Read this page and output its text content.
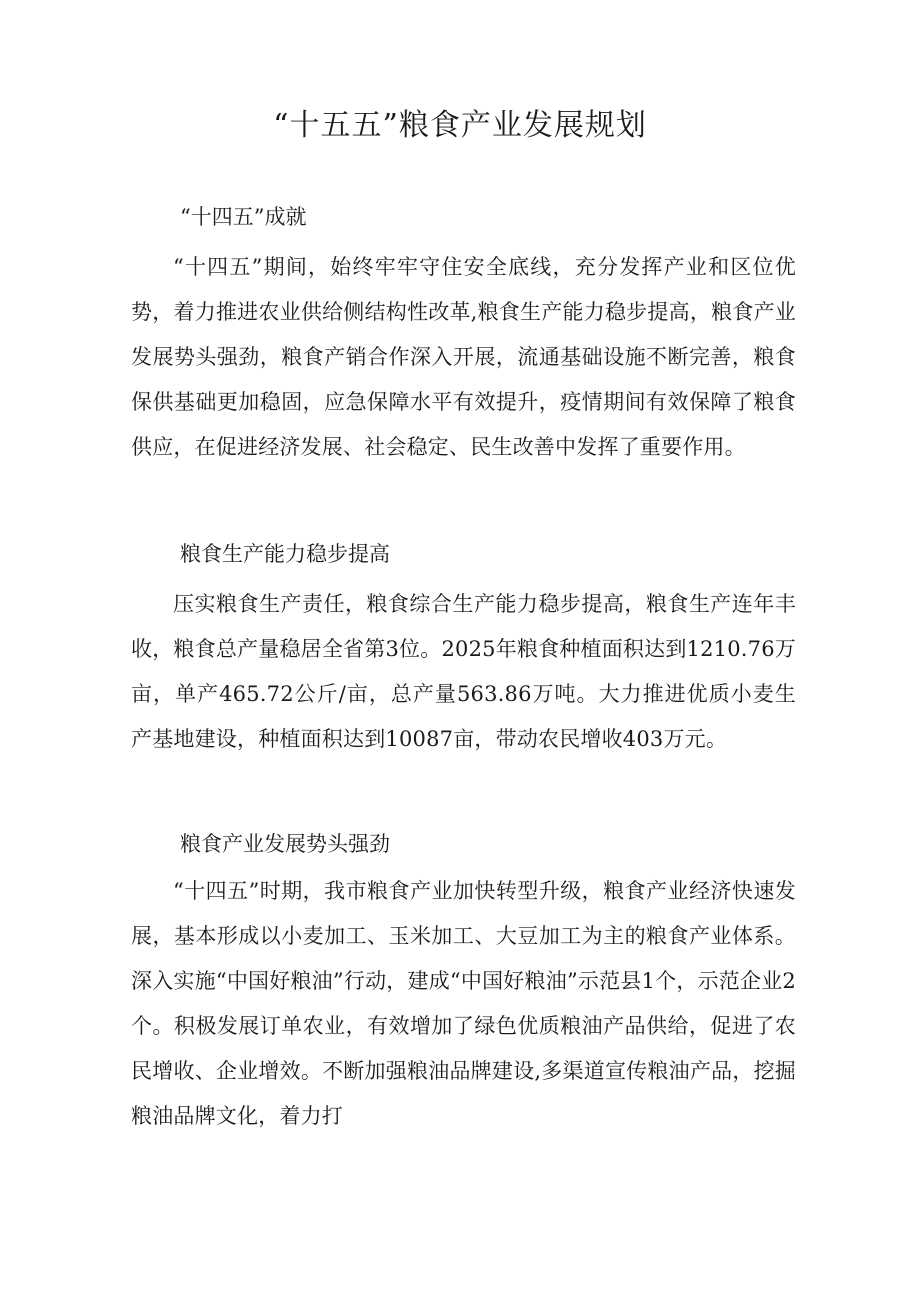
“十五五”粮食产业发展规划
“十四五”成就

“十四五”期间，始终牢牢守住安全底线，充分发挥产业和区位优势，着力推进农业供给侧结构性改革,粮食生产能力稳步提高，粮食产业发展势头强劲，粮食产销合作深入开展，流通基础设施不断完善，粮食保供基础更加稳固，应急保障水平有效提升，疫情期间有效保障了粮食供应，在促进经济发展、社会稳定、民生改善中发挥了重要作用。

粮食生产能力稳步提高

压实粮食生产责任，粮食综合生产能力稳步提高，粮食生产连年丰收，粮食总产量稳居全省第3位。2025年粮食种植面积达到1210.76万亩，单产465.72公斤/亩，总产量563.86万吨。大力推进优质小麦生产基地建设，种植面积达到10087亩，带动农民增收403万元。

粮食产业发展势头强劲

“十四五”时期，我市粮食产业加快转型升级，粮食产业经济快速发展，基本形成以小麦加工、玉米加工、大豆加工为主的粮食产业体系。深入实施“中国好粮油”行动，建成“中国好粮油”示范县1个，示范企业2个。积极发展订单农业，有效增加了绿色优质粮油产品供给，促进了农民增收、企业增效。不断加强粮油品牌建设,多渠道宣传粮油产品，挖掘粮油品牌文化，着力打
